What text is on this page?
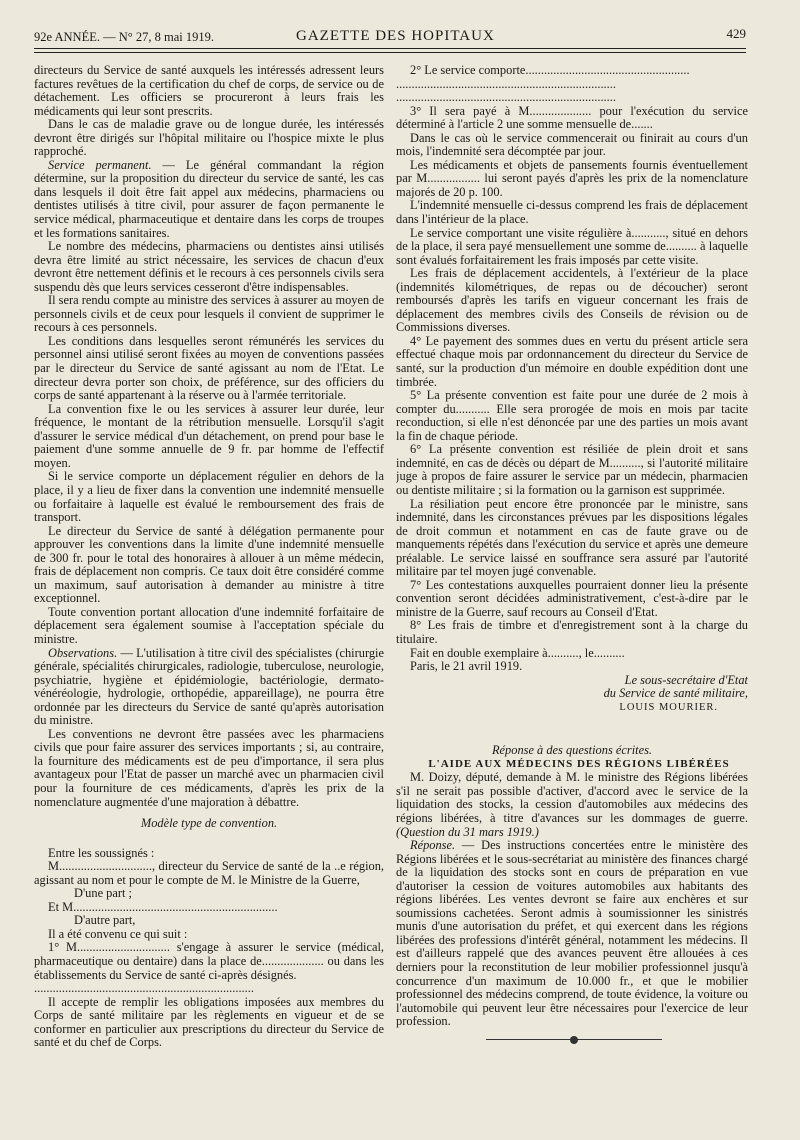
92e ANNÉE. — N° 27, 8 mai 1919.	GAZETTE DES HOPITAUX	429

directeurs du Service de santé auxquels les intéressés adressent leurs factures revêtues de la certification du chef de corps, de service ou de détachement. Les officiers se procureront à leurs frais les médicaments qui leur sont prescrits.

Dans le cas de maladie grave ou de longue durée, les intéressés devront être dirigés sur l'hôpital militaire ou l'hospice mixte le plus rapproché.

Service permanent. — Le général commandant la région détermine, sur la proposition du directeur du service de santé, les cas dans lesquels il doit être fait appel aux médecins, pharmaciens ou dentistes utilisés à titre civil, pour assurer de façon permanente le service médical, pharmaceutique et dentaire dans les corps de troupes et les formations sanitaires.

Le nombre des médecins, pharmaciens ou dentistes ainsi utilisés devra être limité au strict nécessaire, les services de chacun d'eux devront être nettement définis et le recours à ces personnels civils sera suspendu dès que leurs services cesseront d'être indispensables.

Il sera rendu compte au ministre des services à assurer au moyen de personnels civils et de ceux pour lesquels il convient de supprimer le recours à ces personnels.

Les conditions dans lesquelles seront rémunérés les services du personnel ainsi utilisé seront fixées au moyen de conventions passées par le directeur du Service de santé agissant au nom de l'Etat. Le directeur devra porter son choix, de préférence, sur des officiers du corps de santé appartenant à la réserve ou à l'armée territoriale.

La convention fixe le ou les services à assurer leur durée, leur fréquence, le montant de la rétribution mensuelle. Lorsqu'il s'agit d'assurer le service médical d'un détachement, on prend pour base le paiement d'une somme annuelle de 9 fr. par homme de l'effectif moyen.

Si le service comporte un déplacement régulier en dehors de la place, il y a lieu de fixer dans la convention une indemnité mensuelle ou forfaitaire à laquelle est évalué le remboursement des frais de transport.

Le directeur du Service de santé à délégation permanente pour approuver les conventions dans la limite d'une indemnité mensuelle de 300 fr. pour le total des honoraires à allouer à un même médecin, frais de déplacement non compris. Ce taux doit être considéré comme un maximum, sauf autorisation à demander au ministre à titre exceptionnel.

Toute convention portant allocation d'une indemnité forfaitaire de déplacement sera également soumise à l'acceptation spéciale du ministre.

Observations. — L'utilisation à titre civil des spécialistes (chirurgie générale, spécialités chirurgicales, radiologie, tuberculose, neurologie, psychiatrie, hygiène et épidémiologie, bactériologie, dermato-vénéréologie, hydrologie, orthopédie, appareillage), ne pourra être ordonnée par les directeurs du Service de santé qu'après autorisation du ministre.

Les conventions ne devront être passées avec les pharmaciens civils que pour faire assurer des services importants ; si, au contraire, la fourniture des médicaments est de peu d'importance, il sera plus avantageux pour l'Etat de passer un marché avec un pharmacien civil pour la fourniture de ces médicaments, d'après les prix de la nomenclature augmentée d'une majoration à débattre.

Modèle type de convention.

Entre les soussignés :

M.............................., directeur du Service de santé de la ..e région, agissant au nom et pour le compte de M. le Ministre de la Guerre,

D'une part ;

Et M..................................................................

D'autre part,

Il a été convenu ce qui suit :

1° M.............................. s'engage à assurer le service (médical, pharmaceutique ou dentaire) dans la place de.................... ou dans les établissements du Service de santé ci-après désignés.

.......................................................................

Il accepte de remplir les obligations imposées aux membres du Corps de santé militaire par les règlements en vigueur et de se conformer en particulier aux prescriptions du directeur du Service de santé et du chef de Corps.

2° Le service comporte.....................................................

.......................................................................

.......................................................................

3° Il sera payé à M.................... pour l'exécution du service déterminé à l'article 2 une somme mensuelle de.......

Dans le cas où le service commencerait ou finirait au cours d'un mois, l'indemnité sera décomptée par jour.

Les médicaments et objets de pansements fournis éventuellement par M................. lui seront payés d'après les prix de la nomenclature majorés de 20 p. 100.

L'indemnité mensuelle ci-dessus comprend les frais de déplacement dans l'intérieur de la place.

Le service comportant une visite régulière à..........., situé en dehors de la place, il sera payé mensuellement une somme de.......... à laquelle sont évalués forfaitairement les frais imposés par cette visite.

Les frais de déplacement accidentels, à l'extérieur de la place (indemnités kilométriques, de repas ou de découcher) seront remboursés d'après les tarifs en vigueur concernant les frais de déplacement des membres civils des Conseils de révision ou de Commissions diverses.

4° Le payement des sommes dues en vertu du présent article sera effectué chaque mois par ordonnancement du directeur du Service de santé, sur la production d'un mémoire en double expédition dont une timbrée.

5° La présente convention est faite pour une durée de 2 mois à compter du........... Elle sera prorogée de mois en mois par tacite reconduction, si elle n'est dénoncée par une des parties un mois avant la fin de chaque période.

6° La présente convention est résiliée de plein droit et sans indemnité, en cas de décès ou départ de M.........., si l'autorité militaire juge à propos de faire assurer le service par un médecin, pharmacien ou dentiste militaire ; si la formation ou la garnison est supprimée.

La résiliation peut encore être prononcée par le ministre, sans indemnité, dans les circonstances prévues par les dispositions légales de droit commun et notamment en cas de faute grave ou de manquements répétés dans l'exécution du service et après une demeure préalable. Le service laissé en souffrance sera assuré par l'autorité militaire par tel moyen jugé convenable.

7° Les contestations auxquelles pourraient donner lieu la présente convention seront décidées administrativement, c'est-à-dire par le ministre de la Guerre, sauf recours au Conseil d'Etat.

8° Les frais de timbre et d'enregistrement sont à la charge du titulaire.

Fait en double exemplaire à.........., le..........

Paris, le 21 avril 1919.

Le sous-secrétaire d'Etat

du Service de santé militaire,

LOUIS MOURIER.

Réponse à des questions écrites.

L'AIDE AUX MÉDECINS DES RÉGIONS LIBÉRÉES

M. Doizy, député, demande à M. le ministre des Régions libérées s'il ne serait pas possible d'activer, d'accord avec le service de la liquidation des stocks, la cession d'automobiles aux médecins des régions libérées, à titre d'avances sur les dommages de guerre. (Question du 31 mars 1919.)

Réponse. — Des instructions concertées entre le ministère des Régions libérées et le sous-secrétariat au ministère des finances chargé de la liquidation des stocks sont en cours de préparation en vue d'autoriser la cession de voitures automobiles aux habitants des régions libérées. Les ventes devront se faire aux enchères et sur soumissions cachetées. Seront admis à soumissionner les sinistrés munis d'une autorisation du préfet, et qui exercent dans les régions libérées des professions d'intérêt général, notamment les médecins. Il est d'ailleurs rappelé que des avances peuvent être allouées à ces derniers pour la reconstitution de leur mobilier professionnel jusqu'à concurrence d'un maximum de 10.000 fr., et que le mobilier professionnel des médecins comprend, de toute évidence, la voiture ou l'automobile qui peuvent leur être nécessaires pour l'exercice de leur profession.
